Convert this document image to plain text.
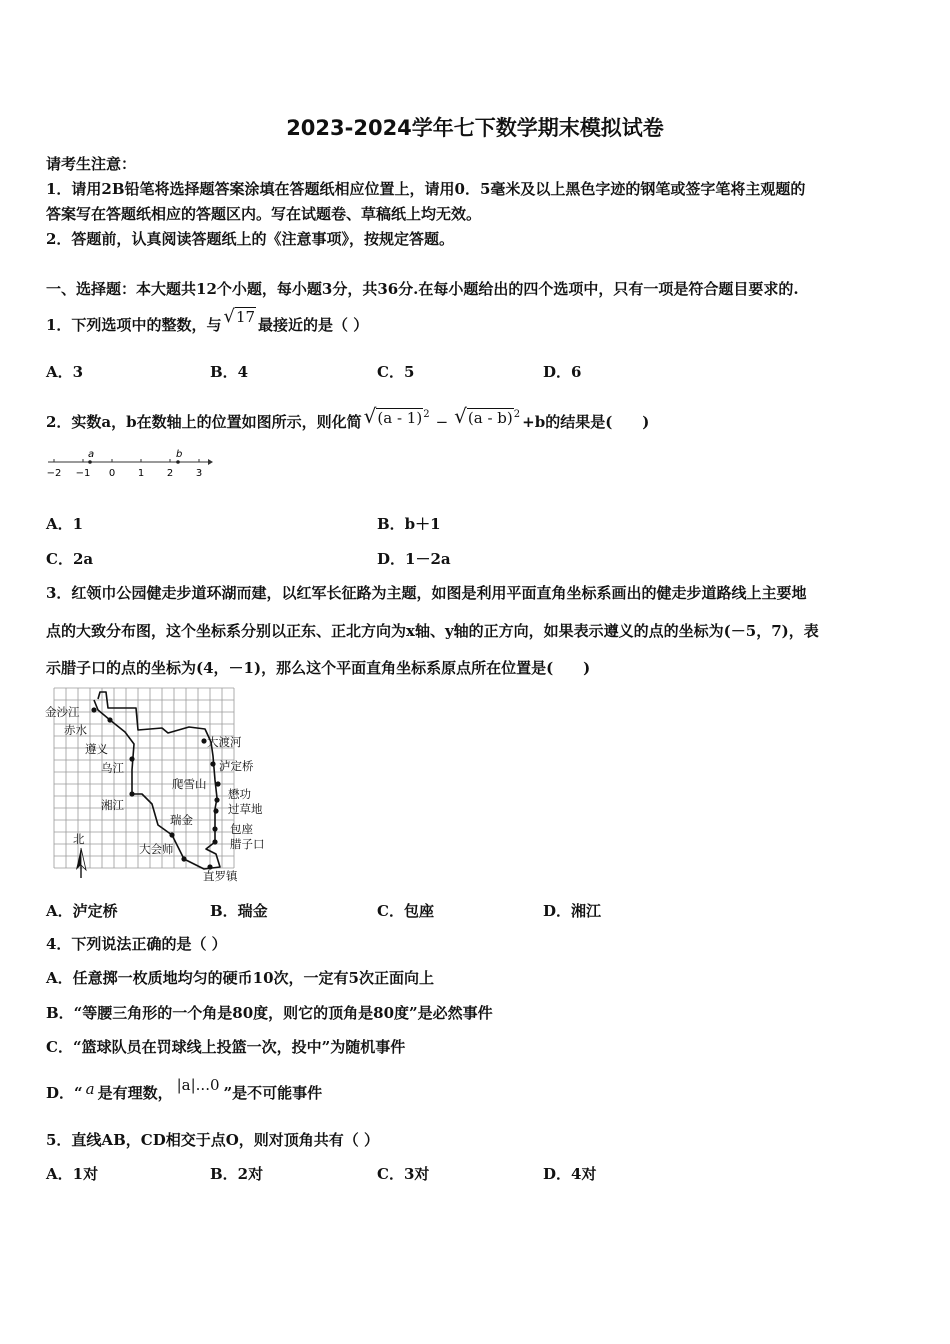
2023-2024学年七下数学期末模拟试卷
请考生注意：
1．请用2B铅笔将选择题答案涂填在答题纸相应位置上，请用0．5毫米及以上黑色字迹的钢笔或签字笔将主观题的
答案写在答题纸相应的答题区内。写在试题卷、草稿纸上均无效。
2．答题前，认真阅读答题纸上的《注意事项》，按规定答题。
一、选择题：本大题共12个小题，每小题3分，共36分.在每小题给出的四个选项中，只有一项是符合题目要求的.
1．下列选项中的整数，与 √17 最接近的是（ ）
A．3	B．4	C．5	D．6
2．实数a，b在数轴上的位置如图所示，则化简 √(a - 1)$^2$ − √(a - b)$^2$ +b的结果是(　　)
a	b
−2 −1 0 1 2 3
A．1	B．b＋1
C．2a	D．1－2a
3．红领巾公园健走步道环湖而建，以红军长征路为主题，如图是利用平面直角坐标系画出的健走步道路线上主要地
点的大致分布图，这个坐标系分别以正东、正北方向为x轴、y轴的正方向，如果表示遵义的点的坐标为(－5，7)，表
示腊子口的点的坐标为(4，－1)，那么这个平面直角坐标系原点所在位置是(　　)
金沙江
赤水
遵义
乌江
湘江
瑞金
大会师
北
大渡河
泸定桥
爬雪山
懋功
过草地
包座
腊子口
直罗镇
A．泸定桥	B．瑞金	C．包座	D．湘江
4．下列说法正确的是（ ）
A．任意掷一枚质地均匀的硬币10次，一定有5次正面向上
B．“等腰三角形的一个角是80度，则它的顶角是80度”是必然事件
C．“篮球队员在罚球线上投篮一次，投中”为随机事件
D．“ a 是有理数， |a|...0 ”是不可能事件
5．直线AB，CD相交于点O，则对顶角共有（ ）
A．1对	B．2对	C．3对	D．4对
